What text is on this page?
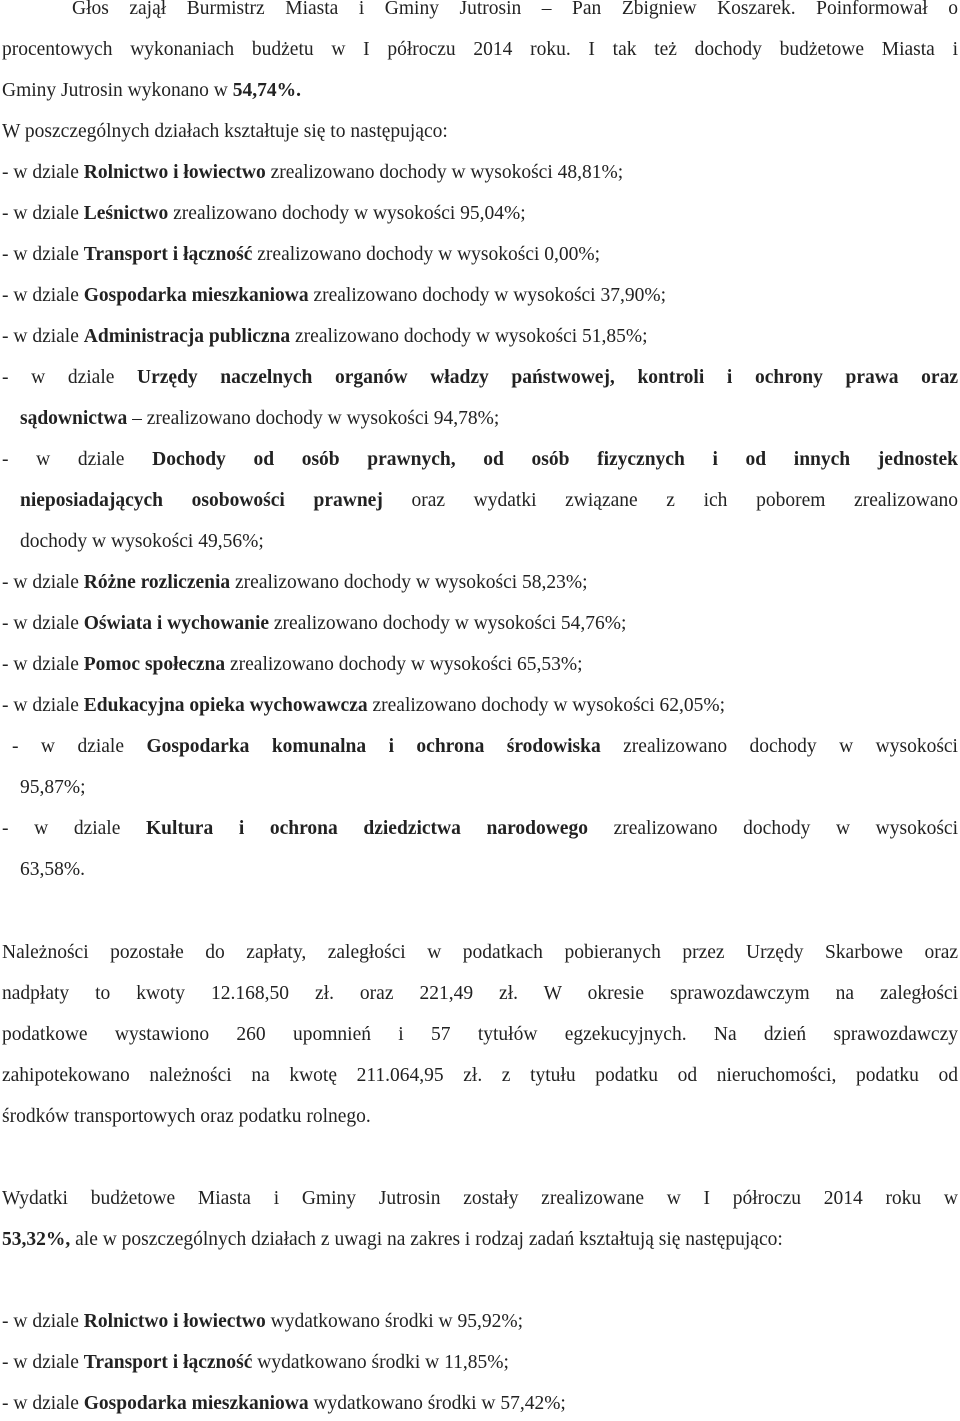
Głos zajął Burmistrz Miasta i Gminy Jutrosin – Pan Zbigniew Koszarek. Poinformował o
procentowych wykonaniach budżetu w I półroczu 2014 roku. I tak też dochody budżetowe Miasta i
Gminy Jutrosin wykonano w 54,74%.
W poszczególnych działach kształtuje się to następująco:
- w dziale Rolnictwo i łowiectwo zrealizowano dochody w wysokości 48,81%;
- w dziale Leśnictwo zrealizowano dochody w wysokości 95,04%;
- w dziale Transport i łączność zrealizowano dochody w wysokości 0,00%;
- w dziale Gospodarka mieszkaniowa zrealizowano dochody w wysokości 37,90%;
- w dziale Administracja publiczna zrealizowano dochody w wysokości 51,85%;
- w dziale Urzędy naczelnych organów władzy państwowej, kontroli i ochrony prawa oraz
sądownictwa – zrealizowano dochody w wysokości 94,78%;
- w dziale Dochody od osób prawnych, od osób fizycznych i od innych jednostek
nieposiadających osobowości prawnej oraz wydatki związane z ich poborem zrealizowano
dochody w wysokości 49,56%;
- w dziale Różne rozliczenia zrealizowano dochody w wysokości 58,23%;
- w dziale Oświata i wychowanie zrealizowano dochody w wysokości 54,76%;
- w dziale Pomoc społeczna zrealizowano dochody w wysokości 65,53%;
- w dziale Edukacyjna opieka wychowawcza zrealizowano dochody w wysokości 62,05%;
- w dziale Gospodarka komunalna i ochrona środowiska zrealizowano dochody w wysokości
95,87%;
- w dziale Kultura i ochrona dziedzictwa narodowego zrealizowano dochody w wysokości
63,58%.
Należności pozostałe do zapłaty, zaległości w podatkach pobieranych przez Urzędy Skarbowe oraz
nadpłaty to kwoty 12.168,50 zł. oraz 221,49 zł. W okresie sprawozdawczym na zaległości
podatkowe wystawiono 260 upomnień i 57 tytułów egzekucyjnych. Na dzień sprawozdawczy
zahipotekowano należności na kwotę 211.064,95 zł. z tytułu podatku od nieruchomości, podatku od
środków transportowych oraz podatku rolnego.
Wydatki budżetowe Miasta i Gminy Jutrosin zostały zrealizowane w I półroczu 2014 roku w
53,32%, ale w poszczególnych działach z uwagi na zakres i rodzaj zadań kształtują się następująco:
- w dziale Rolnictwo i łowiectwo wydatkowano środki w 95,92%;
- w dziale Transport i łączność wydatkowano środki w 11,85%;
- w dziale Gospodarka mieszkaniowa wydatkowano środki w 57,42%;
